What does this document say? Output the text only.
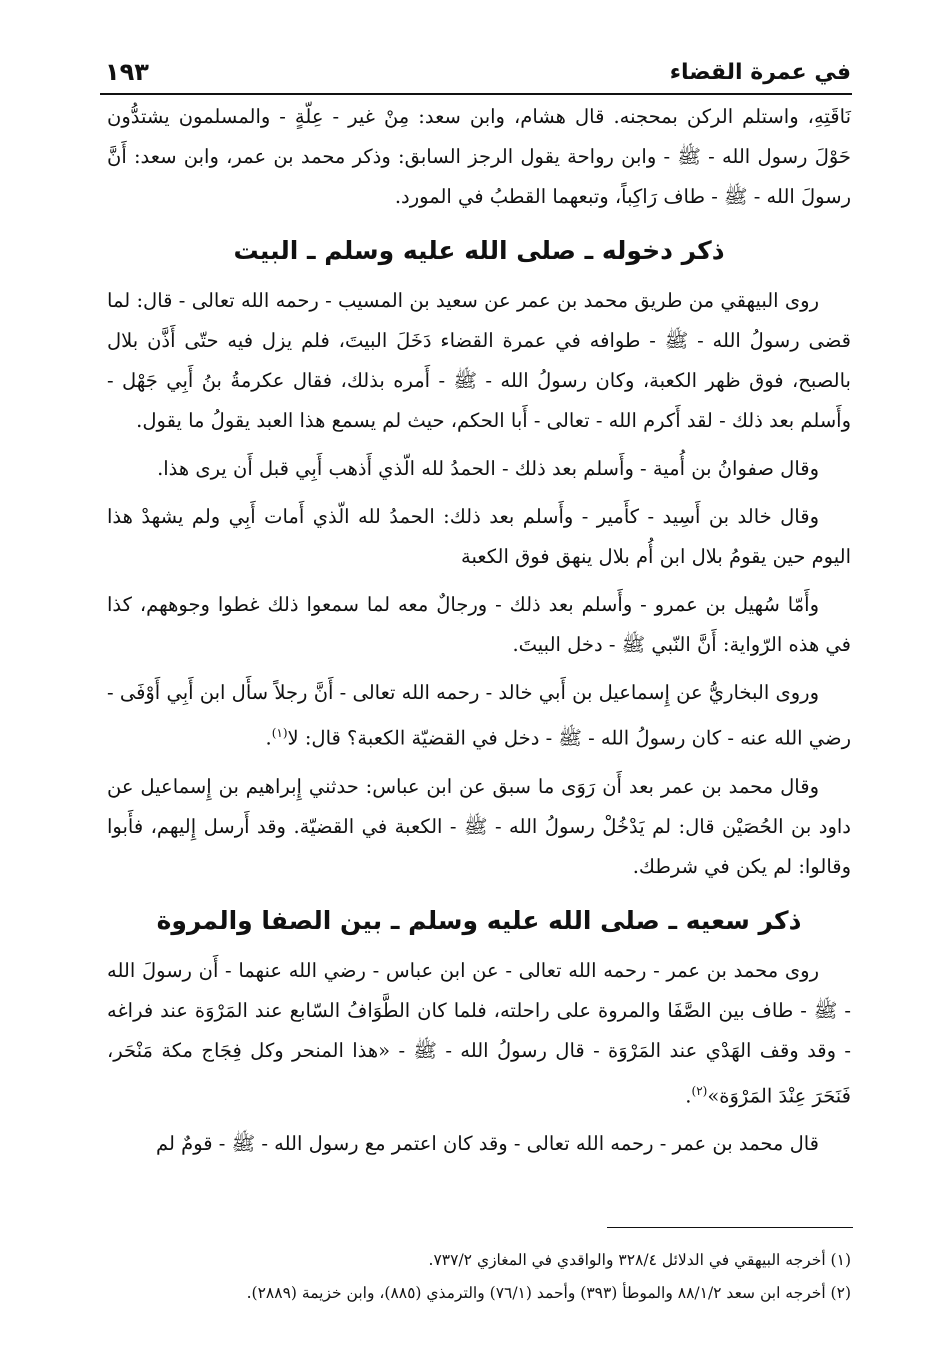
في عمرة القضاء
١٩٣

نَاقَتِهِ، واستلم الركن بمحجنه. قال هشام، وابن سعد: مِنْ غير - عِلّةٍ - والمسلمون يشتدُّون حَوْلَ رسول الله - ﷺ - وابن رواحة يقول الرجز السابق: وذكر محمد بن عمر، وابن سعد: أَنَّ رسولَ الله - ﷺ - طاف رَاكِباً، وتبعهما القطبُ في المورد.

ذكر دخوله ـ صلى الله عليه وسلم ـ البيت

روى البيهقي من طريق محمد بن عمر عن سعيد بن المسيب - رحمه الله تعالى - قال: لما قضى رسولُ الله - ﷺ - طوافه في عمرة القضاء دَخَلَ البيتَ، فلم يزل فيه حتّى أَذَّن بلال بالصبح، فوق ظهر الكعبة، وكان رسولُ الله - ﷺ - أَمره بذلك، فقال عكرمةُ بنُ أَبِي جَهْل - وأَسلم بعد ذلك - لقد أَكرم الله - تعالى - أَبا الحكم، حيث لم يسمع هذا العبد يقولُ ما يقول.

وقال صفوانُ بن أُمية - وأَسلم بعد ذلك - الحمدُ لله الّذي أَذهب أَبِي قبل أَن يرى هذا.

وقال خالد بن أَسِيد - كأَمير - وأَسلم بعد ذلك: الحمدُ لله الّذي أَمات أَبِي ولم يشهدْ هذا اليوم حين يقومُ بلال ابن أُم بلال ينهق فوق الكعبة

وأَمّا سُهيل بن عمرو - وأَسلم بعد ذلك - ورجالٌ معه لما سمعوا ذلك غطوا وجوههم، كذا في هذه الرّواية: أَنَّ النّبي ﷺ - دخل البيتَ.

وروى البخاريُّ عن إِسماعيل بن أَبي خالد - رحمه الله تعالى - أَنَّ رجلاً سأَل ابن أَبِي أَوْفَى - رضي الله عنه - كان رسولُ الله - ﷺ - دخل في القضيّة الكعبة؟ قال: لا$^{(١)}$.

وقال محمد بن عمر بعد أَن رَوَى ما سبق عن ابن عباس: حدثني إِبراهيم بن إِسماعيل عن داود بن الحُصَيْن قال: لم يَدْخُلْ رسولُ الله - ﷺ - الكعبة في القضيّة. وقد أَرسل إِليهم، فأَبوا وقالوا: لم يكن في شرطك.

ذكر سعيه ـ صلى الله عليه وسلم ـ بين الصفا والمروة

روى محمد بن عمر - رحمه الله تعالى - عن ابن عباس - رضي الله عنهما - أَن رسولَ الله - ﷺ - طاف بين الصَّفَا والمروة على راحلته، فلما كان الطَّوَافُ السّابع عند المَرْوَة عند فراغه - وقد وقف الهَدْي عند المَرْوَة - قال رسولُ الله - ﷺ - «هذا المنحر وكل فِجَاج مكة مَنْحَر، فَنَحَرَ عِنْدَ المَرْوَة»$^{(٢)}$.

قال محمد بن عمر - رحمه الله تعالى - وقد كان اعتمر مع رسول الله - ﷺ - قومٌ لم

(١) أخرجه البيهقي في الدلائل ٣٢٨/٤ والواقدي في المغازي ٧٣٧/٢.

(٢) أخرجه ابن سعد ٨٨/١/٢ والموطأ (٣٩٣) وأحمد (٧٦/١) والترمذي (٨٨٥)، وابن خزيمة (٢٨٨٩).
